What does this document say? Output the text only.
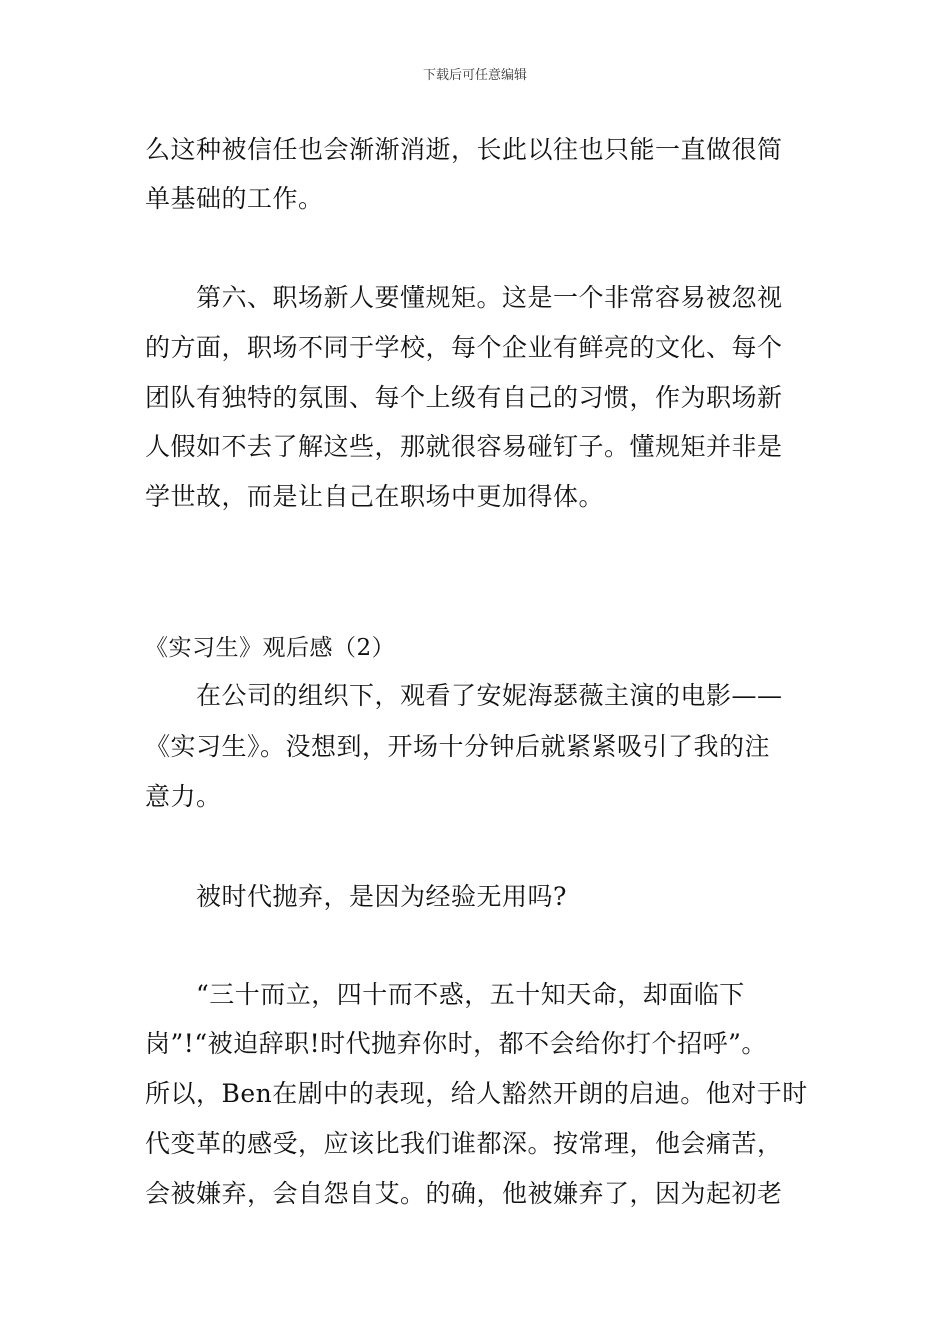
下载后可任意编辑
么这种被信任也会渐渐消逝，长此以往也只能一直做很简
单基础的工作。
　　第六、职场新人要懂规矩。这是一个非常容易被忽视
的方面，职场不同于学校，每个企业有鲜亮的文化、每个
团队有独特的氛围、每个上级有自己的习惯，作为职场新
人假如不去了解这些，那就很容易碰钉子。懂规矩并非是
学世故，而是让自己在职场中更加得体。
《实习生》观后感（2）
　　在公司的组织下，观看了安妮海瑟薇主演的电影——
《实习生》。没想到，开场十分钟后就紧紧吸引了我的注
意力。
　　被时代抛弃，是因为经验无用吗?
　　“三十而立，四十而不惑，五十知天命，却面临下
岗”!“被迫辞职!时代抛弃你时，都不会给你打个招呼”。
所以，Ben在剧中的表现，给人豁然开朗的启迪。他对于时
代变革的感受，应该比我们谁都深。按常理，他会痛苦，
会被嫌弃，会自怨自艾。的确，他被嫌弃了，因为起初老
